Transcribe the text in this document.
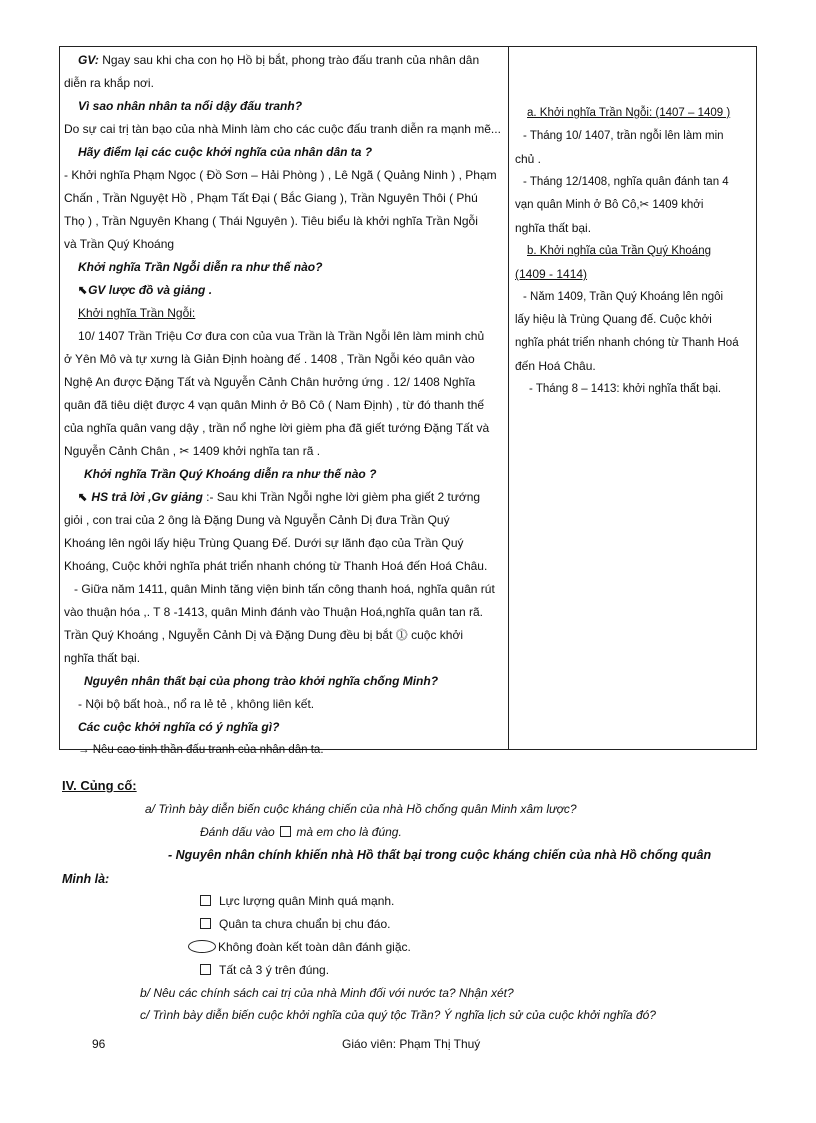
GV: Ngay sau khi cha con họ Hồ bị bắt, phong trào đấu tranh của nhân dân
diễn ra khắp nơi.
Vì sao nhân nhân ta nổi dậy đấu tranh?
Do sự cai trị tàn bạo của nhà Minh làm cho các cuộc đấu tranh diễn ra mạnh mẽ...
Hãy điểm lại các cuộc khởi nghĩa của nhân dân ta ?
- Khởi nghĩa Phạm Ngọc ( Đồ Sơn – Hải Phòng ) , Lê Ngã ( Quảng Ninh ) , Phạm
Chấn , Trần Nguyệt Hồ , Phạm Tất Đại ( Bắc Giang ), Trần Nguyên Thôi ( Phú
Thọ ) , Trần Nguyên Khang ( Thái Nguyên ). Tiêu biểu là khởi nghĩa Trần Ngỗi
và Trần Quý Khoáng
Khởi nghĩa Trần Ngỗi diễn ra như thế nào?
⬉GV lược đồ và giảng .
Khởi nghĩa Trần Ngỗi:
10/ 1407 Trần Triệu Cơ đưa con của vua Trần là Trần Ngỗi lên làm minh chủ
ở Yên Mô và tự xưng là Giản Định hoàng đế . 1408 , Trần Ngỗi kéo quân vào
Nghệ An được Đặng Tất và Nguyễn Cảnh Chân hưởng ứng . 12/ 1408 Nghĩa
quân đã tiêu diệt được 4 vạn quân Minh ở Bô Cô ( Nam Định) , từ đó thanh thế
của nghĩa quân vang dậy , trần nổ nghe lời gièm pha đã giết tướng Đặng Tất và
Nguyễn Cảnh Chân , ✂ 1409 khởi nghĩa tan rã .
Khởi nghĩa Trần Quý Khoáng diễn ra như thế nào ?
⬉ HS trả lời ,Gv giảng :- Sau khi Trần Ngỗi nghe lời gièm pha giết 2 tướng
giỏi , con trai của 2 ông là Đặng Dung và Nguyễn Cảnh Dị đưa Trần Quý
Khoáng lên ngôi lấy hiệu Trùng Quang Đế. Dưới sự lãnh đạo của Trần Quý
Khoáng, Cuộc khởi nghĩa phát triển nhanh chóng từ Thanh Hoá đến Hoá Châu.
- Giữa năm 1411, quân Minh tăng viện binh tấn công thanh hoá, nghĩa quân rút
vào thuận hóa ,. T 8 -1413, quân Minh đánh vào Thuận Hoá,nghĩa quân tan rã.
Trần Quý Khoáng , Nguyễn Cảnh Dị và Đặng Dung đều bị bắt ⓵ cuộc khởi
nghĩa thất bại.
Nguyên nhân thất bại của phong trào khởi nghĩa chống Minh?
- Nội bộ bất hoà., nổ ra lẻ tẻ , không liên kết.
Các cuộc khởi nghĩa có ý nghĩa gì?
→ Nêu cao tinh thần đấu tranh của nhân dân ta.
a. Khởi nghĩa Trần Ngỗi: (1407 – 1409 )
- Tháng 10/ 1407, trần ngỗi lên làm min
chủ .
- Tháng 12/1408, nghĩa quân đánh tan 4
vạn quân Minh ở Bô Cô,✂ 1409 khởi
nghĩa thất bại.
b. Khởi nghĩa của Trần Quý Khoáng
(1409 - 1414)
- Năm 1409, Trần Quý Khoáng lên ngôi
lấy hiệu là Trùng Quang đế. Cuộc khởi
nghĩa phát triển nhanh chóng từ Thanh Hoá
đến Hoá Châu.
- Tháng 8 – 1413: khởi nghĩa thất bại.
IV. Củng cố:
a/ Trình bày diễn biến cuộc kháng chiến của nhà Hồ chống quân Minh xâm lược?
Đánh dấu vào mà em cho là đúng.
- Nguyên nhân chính khiến nhà Hồ thất bại trong cuộc kháng chiến của nhà Hồ chống quân
Minh là:
Lực lượng quân Minh quá mạnh.
Quân ta chưa chuẩn bị chu đáo.
Không đoàn kết toàn dân đánh giặc.
Tất cả 3 ý trên đúng.
b/ Nêu các chính sách cai trị của nhà Minh đối với nước ta? Nhận xét?
c/ Trình bày diễn biến cuộc khởi nghĩa của quý tộc Trần? Ý nghĩa lịch sử của cuộc khởi nghĩa đó?
96	Giáo viên: Phạm Thị Thuý
